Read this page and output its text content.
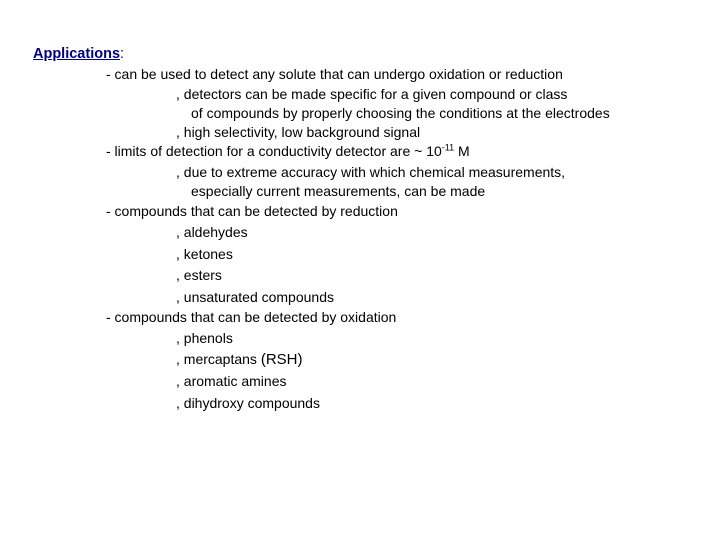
Applications:
- can be used to detect any solute that can undergo oxidation or reduction
, detectors can be made specific for a given compound or class
of compounds by properly choosing the conditions at the electrodes
, high selectivity, low background signal
- limits of detection for a conductivity detector are ~ $10^{-11}$ M
, due to extreme accuracy with which chemical measurements,
especially current measurements, can be made
- compounds that can be detected by reduction
, aldehydes
, ketones
, esters
, unsaturated compounds
- compounds that can be detected by oxidation
, phenols
, mercaptans (RSH)
, aromatic amines
, dihydroxy compounds
